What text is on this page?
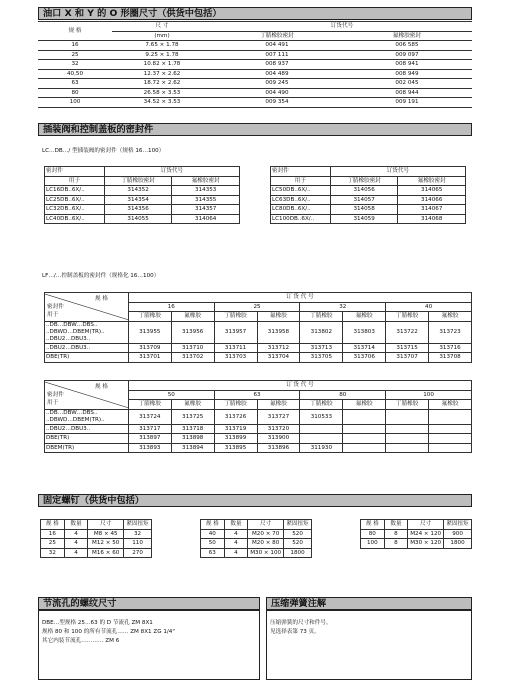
油口 X 和 Y 的 O 形圈尺寸（供货中包括）
规 格	尺 寸	订货代号	
	(mm)	丁腈橡胶密封	氟橡胶密封
16	7.65 × 1.78	004 491	006 585
25	9.25 × 1.78	007 111	009 097
32	10.82 × 1.78	008 937	008 941
40,50	12.37 × 2.62	004 489	008 949
63	18.72 × 2.62	009 245	002 045
80	26.58 × 3.53	004 490	008 944
100	34.52 × 3.53	009 354	009 191
插装阀和控制盖板的密封件
LC…DB…/ 型插装阀的密封件（规格 16…100）
密封件	订货代号	
用于	丁腈橡胶密封	氟橡胶密封
LC16DB..6X/..	314352	314353
LC25DB..6X/..	314354	314355
LC32DB..6X/..	314356	314357
LC40DB..6X/..	314055	314064
密封件	订货代号	
用于	丁腈橡胶密封	氟橡胶密封
LC50DB..6X/..	314056	314065
LC63DB..6X/..	314057	314066
LC80DB..6X/..	314058	314067
LC100DB..6X/..	314059	314068
LF…/…控制盖板的密封件（规格化 16…100）
规 格
密封件
用于	订 货 代 号							
	16		25		32		40	
	丁腈橡胶	氟橡胶	丁腈橡胶	氟橡胶	丁腈橡胶	氟橡胶	丁腈橡胶	氟橡胶

..DB…DBW…DBS..
..DBWD…DBEM(TR)..
..DBU2…DBU3..	313955	313956	313957	313958	313802	313803	313722	313723
..DBU2…DBU3..	313709	313710	313711	313712	313713	313714	313715	313716
DBE(TR)	313701	313702	313703	313704	313705	313706	313707	313708
规 格
密封件
用于	订 货 代 号							
	50		63		80		100	
	丁腈橡胶	氟橡胶	丁腈橡胶	氟橡胶	丁腈橡胶	氟橡胶	丁腈橡胶	氟橡胶

..DB…DBW…DBS..
..DBWD…DBEM(TR)..	313724	313725	313726	313727	310533			
..DBU2…DBU3..	313717	313718	313719	313720				
DBE(TR)	313897	313898	313899	313900				
DBEM(TR)	313893	313894	313895	313896	311930			
固定螺钉（供货中包括）
规 格	数量	尺寸	紧固扭矩
16	4	M8 × 45	32
25	4	M12 × 50	110
32	4	M16 × 60	270
规 格	数量	尺寸	紧固扭矩
40	4	M20 × 70	520
50	4	M20 × 80	520
63	4	M30 × 100	1800
规 格	数量	尺寸	紧固扭矩
80	8	M24 × 120	900
100	8	M30 × 120	1800
节流孔的螺纹尺寸	压缩弹簧注解
DBE…型规格 25…63 的 D 节流孔 ZM 8X1
规格 80 和 100 的所有节流孔…… ZM 8X1 ZG 1/4"
其它内装节流孔………… ZM 6
压缩弹簧的尺寸和件号，
见选择表第 73 页。
